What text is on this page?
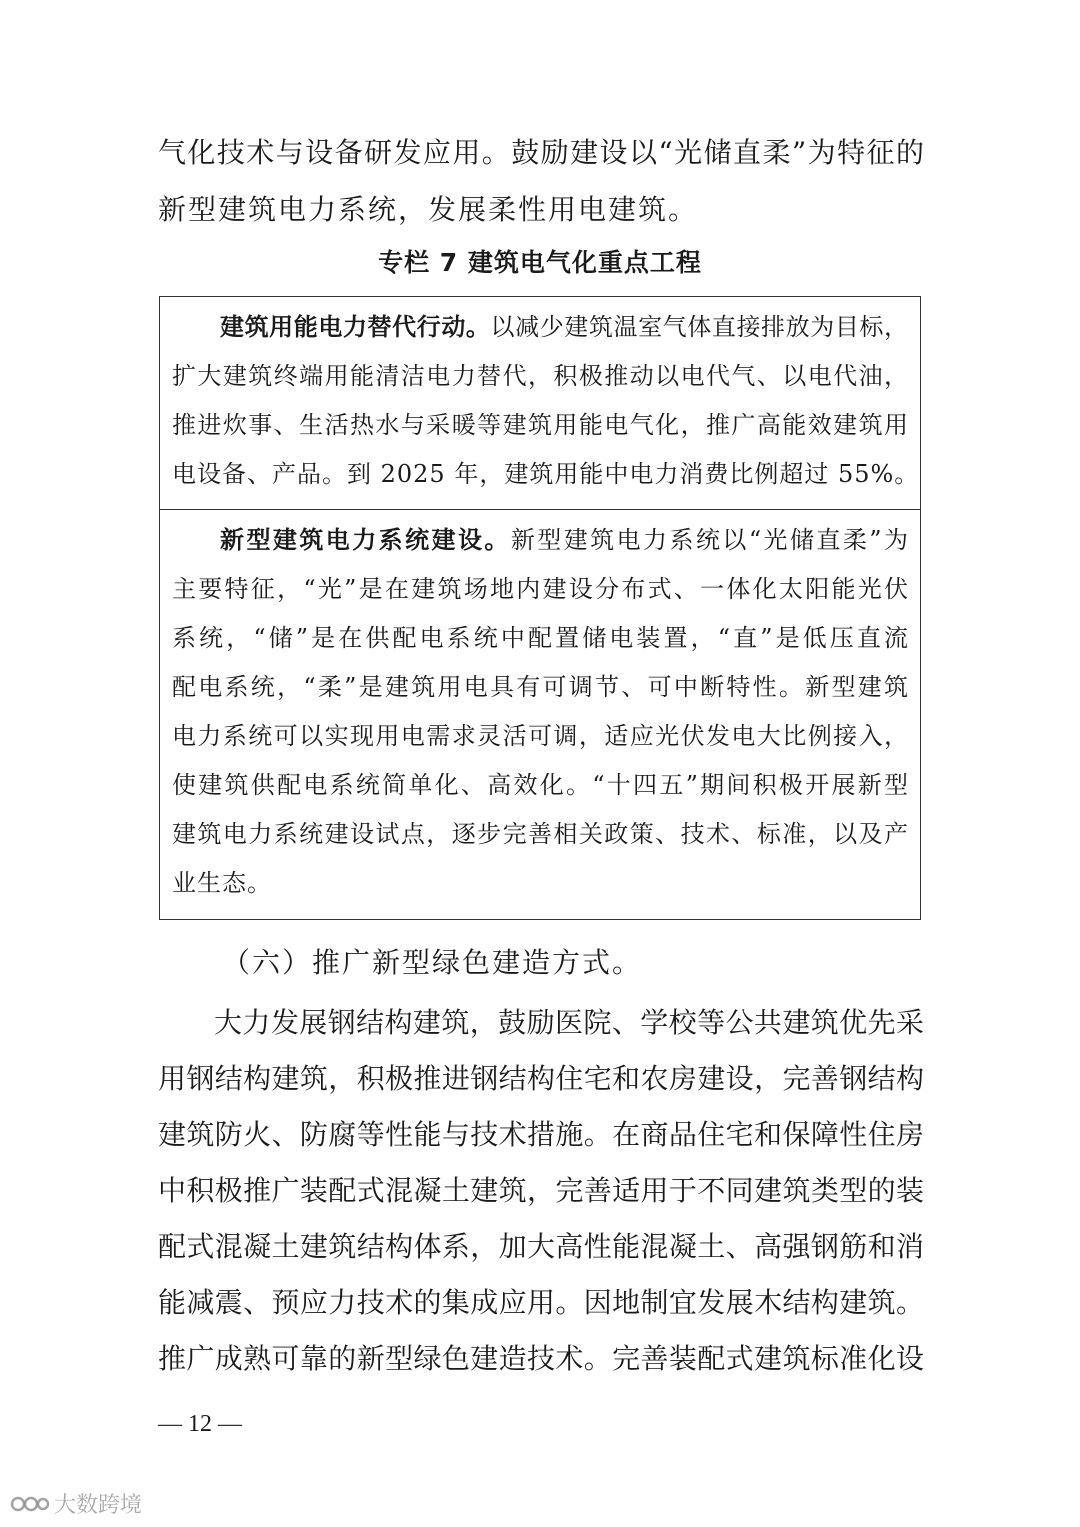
气化技术与设备研发应用。鼓励建设以“光储直柔”为特征的
新型建筑电力系统，发展柔性用电建筑。
专栏 7 建筑电气化重点工程
建筑用能电力替代行动。以减少建筑温室气体直接排放为目标，
扩大建筑终端用能清洁电力替代，积极推动以电代气、以电代油，
推进炊事、生活热水与采暖等建筑用能电气化，推广高能效建筑用
电设备、产品。到 2025 年，建筑用能中电力消费比例超过 55%。
新型建筑电力系统建设。新型建筑电力系统以“光储直柔”为
主要特征，“光”是在建筑场地内建设分布式、一体化太阳能光伏
系统，“储”是在供配电系统中配置储电装置，“直”是低压直流
配电系统，“柔”是建筑用电具有可调节、可中断特性。新型建筑
电力系统可以实现用电需求灵活可调，适应光伏发电大比例接入，
使建筑供配电系统简单化、高效化。“十四五”期间积极开展新型
建筑电力系统建设试点，逐步完善相关政策、技术、标准，以及产
业生态。
（六）推广新型绿色建造方式。
大力发展钢结构建筑，鼓励医院、学校等公共建筑优先采
用钢结构建筑，积极推进钢结构住宅和农房建设，完善钢结构
建筑防火、防腐等性能与技术措施。在商品住宅和保障性住房
中积极推广装配式混凝土建筑，完善适用于不同建筑类型的装
配式混凝土建筑结构体系，加大高性能混凝土、高强钢筋和消
能减震、预应力技术的集成应用。因地制宜发展木结构建筑。
推广成熟可靠的新型绿色建造技术。完善装配式建筑标准化设
— 12 —
大数跨境
